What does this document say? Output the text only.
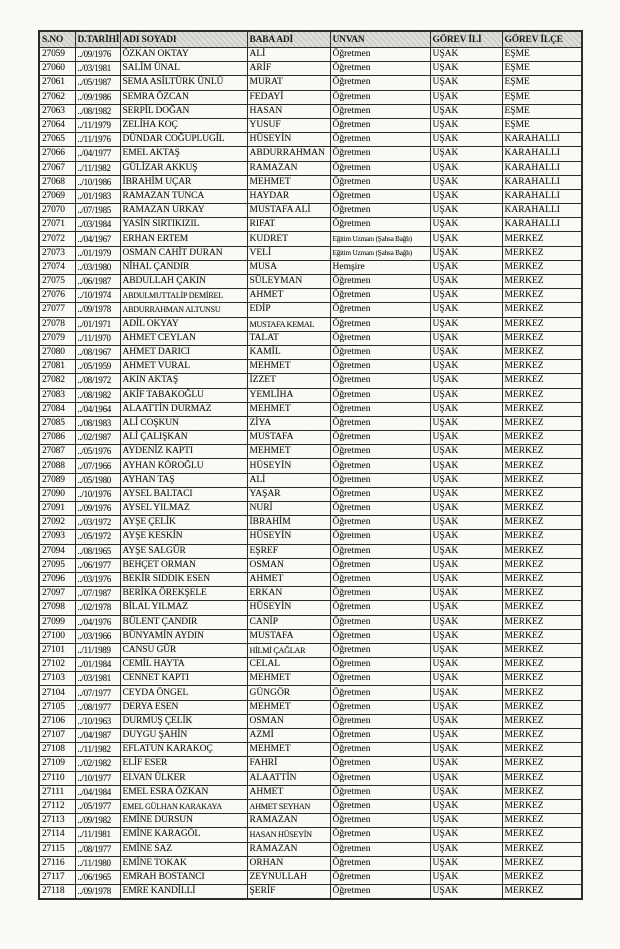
S.NO	D.TARİHİ	ADI SOYADI	BABA ADİ	UNVAN	GÖREV İLİ	GÖREV İLÇE
27059	../09/1976	ÖZKAN OKTAY	ALİ	Öğretmen	UŞAK	EŞME
27060	../03/1981	SALİM ÜNAL	ARİF	Öğretmen	UŞAK	EŞME
27061	../05/1987	SEMA ASİLTÜRK ÜNLÜ	MURAT	Öğretmen	UŞAK	EŞME
27062	../09/1986	SEMRA ÖZCAN	FEDAYİ	Öğretmen	UŞAK	EŞME
27063	../08/1982	SERPİL DOĞAN	HASAN	Öğretmen	UŞAK	EŞME
27064	../11/1979	ZELİHA KOÇ	YUSUF	Öğretmen	UŞAK	EŞME
27065	../11/1976	DÜNDAR COĞUPLUGİL	HÜSEYİN	Öğretmen	UŞAK	KARAHALLI
27066	../04/1977	EMEL AKTAŞ	ABDURRAHMAN	Öğretmen	UŞAK	KARAHALLI
27067	../11/1982	GÜLİZAR AKKUŞ	RAMAZAN	Öğretmen	UŞAK	KARAHALLI
27068	../10/1986	İBRAHİM UÇAR	MEHMET	Öğretmen	UŞAK	KARAHALLI
27069	../01/1983	RAMAZAN TUNCA	HAYDAR	Öğretmen	UŞAK	KARAHALLI
27070	../07/1985	RAMAZAN URKAY	MUSTAFA ALİ	Öğretmen	UŞAK	KARAHALLI
27071	../03/1984	YASİN SIRTIKIZIL	RIFAT	Öğretmen	UŞAK	KARAHALLI
27072	../04/1967	ERHAN ERTEM	KUDRET	Eğitim Uzmanı (Şahsa Bağlı)	UŞAK	MERKEZ
27073	../01/1979	OSMAN CAHİT DURAN	VELİ	Eğitim Uzmanı (Şahsa Bağlı)	UŞAK	MERKEZ
27074	../03/1980	NİHAL ÇANDIR	MUSA	Hemşire	UŞAK	MERKEZ
27075	../06/1987	ABDULLAH ÇAKIN	SÜLEYMAN	Öğretmen	UŞAK	MERKEZ
27076	../10/1974	ABDULMUTTALİP DEMİREL	AHMET	Öğretmen	UŞAK	MERKEZ
27077	../09/1978	ABDURRAHMAN ALTUNSU	EDİP	Öğretmen	UŞAK	MERKEZ
27078	../01/1971	ADİL OKYAY	MUSTAFA KEMAL	Öğretmen	UŞAK	MERKEZ
27079	../11/1970	AHMET CEYLAN	TALAT	Öğretmen	UŞAK	MERKEZ
27080	../08/1967	AHMET DARICI	KAMİL	Öğretmen	UŞAK	MERKEZ
27081	../05/1959	AHMET VURAL	MEHMET	Öğretmen	UŞAK	MERKEZ
27082	../08/1972	AKIN AKTAŞ	İZZET	Öğretmen	UŞAK	MERKEZ
27083	../08/1982	AKİF TABAKOĞLU	YEMLİHA	Öğretmen	UŞAK	MERKEZ
27084	../04/1964	ALAATTİN DURMAZ	MEHMET	Öğretmen	UŞAK	MERKEZ
27085	../08/1983	ALİ COŞKUN	ZİYA	Öğretmen	UŞAK	MERKEZ
27086	../02/1987	ALİ ÇALIŞKAN	MUSTAFA	Öğretmen	UŞAK	MERKEZ
27087	../05/1976	AYDENİZ KAPTI	MEHMET	Öğretmen	UŞAK	MERKEZ
27088	../07/1966	AYHAN KÖROĞLU	HÜSEYİN	Öğretmen	UŞAK	MERKEZ
27089	../05/1980	AYHAN TAŞ	ALİ	Öğretmen	UŞAK	MERKEZ
27090	../10/1976	AYSEL BALTACI	YAŞAR	Öğretmen	UŞAK	MERKEZ
27091	../09/1976	AYSEL YILMAZ	NURİ	Öğretmen	UŞAK	MERKEZ
27092	../03/1972	AYŞE ÇELİK	İBRAHİM	Öğretmen	UŞAK	MERKEZ
27093	../05/1972	AYŞE KESKİN	HÜSEYİN	Öğretmen	UŞAK	MERKEZ
27094	../08/1965	AYŞE SALGÜR	EŞREF	Öğretmen	UŞAK	MERKEZ
27095	../06/1977	BEHÇET ORMAN	OSMAN	Öğretmen	UŞAK	MERKEZ
27096	../03/1976	BEKİR SIDDIK ESEN	AHMET	Öğretmen	UŞAK	MERKEZ
27097	../07/1987	BERİKA ÖREKŞELE	ERKAN	Öğretmen	UŞAK	MERKEZ
27098	../02/1978	BİLAL YILMAZ	HÜSEYİN	Öğretmen	UŞAK	MERKEZ
27099	../04/1976	BÜLENT ÇANDIR	CANİP	Öğretmen	UŞAK	MERKEZ
27100	../03/1966	BÜNYAMİN AYDIN	MUSTAFA	Öğretmen	UŞAK	MERKEZ
27101	../11/1989	CANSU GÜR	HİLMİ ÇAĞLAR	Öğretmen	UŞAK	MERKEZ
27102	../01/1984	CEMİL HAYTA	CELAL	Öğretmen	UŞAK	MERKEZ
27103	../03/1981	CENNET KAPTI	MEHMET	Öğretmen	UŞAK	MERKEZ
27104	../07/1977	CEYDA ÖNGEL	GÜNGÖR	Öğretmen	UŞAK	MERKEZ
27105	../08/1977	DERYA ESEN	MEHMET	Öğretmen	UŞAK	MERKEZ
27106	../10/1963	DURMUŞ ÇELİK	OSMAN	Öğretmen	UŞAK	MERKEZ
27107	../04/1987	DUYGU ŞAHİN	AZMİ	Öğretmen	UŞAK	MERKEZ
27108	../11/1982	EFLATUN KARAKOÇ	MEHMET	Öğretmen	UŞAK	MERKEZ
27109	../02/1982	ELİF ESER	FAHRİ	Öğretmen	UŞAK	MERKEZ
27110	../10/1977	ELVAN ÜLKER	ALAATTİN	Öğretmen	UŞAK	MERKEZ
27111	../04/1984	EMEL ESRA ÖZKAN	AHMET	Öğretmen	UŞAK	MERKEZ
27112	../05/1977	EMEL GÜLHAN KARAKAYA	AHMET SEYHAN	Öğretmen	UŞAK	MERKEZ
27113	../09/1982	EMİNE DURSUN	RAMAZAN	Öğretmen	UŞAK	MERKEZ
27114	../11/1981	EMİNE KARAGÖL	HASAN HÜSEYİN	Öğretmen	UŞAK	MERKEZ
27115	../08/1977	EMİNE SAZ	RAMAZAN	Öğretmen	UŞAK	MERKEZ
27116	../11/1980	EMİNE TOKAK	ORHAN	Öğretmen	UŞAK	MERKEZ
27117	../06/1965	EMRAH BOSTANCI	ZEYNULLAH	Öğretmen	UŞAK	MERKEZ
27118	../09/1978	EMRE KANDİLLİ	ŞERİF	Öğretmen	UŞAK	MERKEZ
